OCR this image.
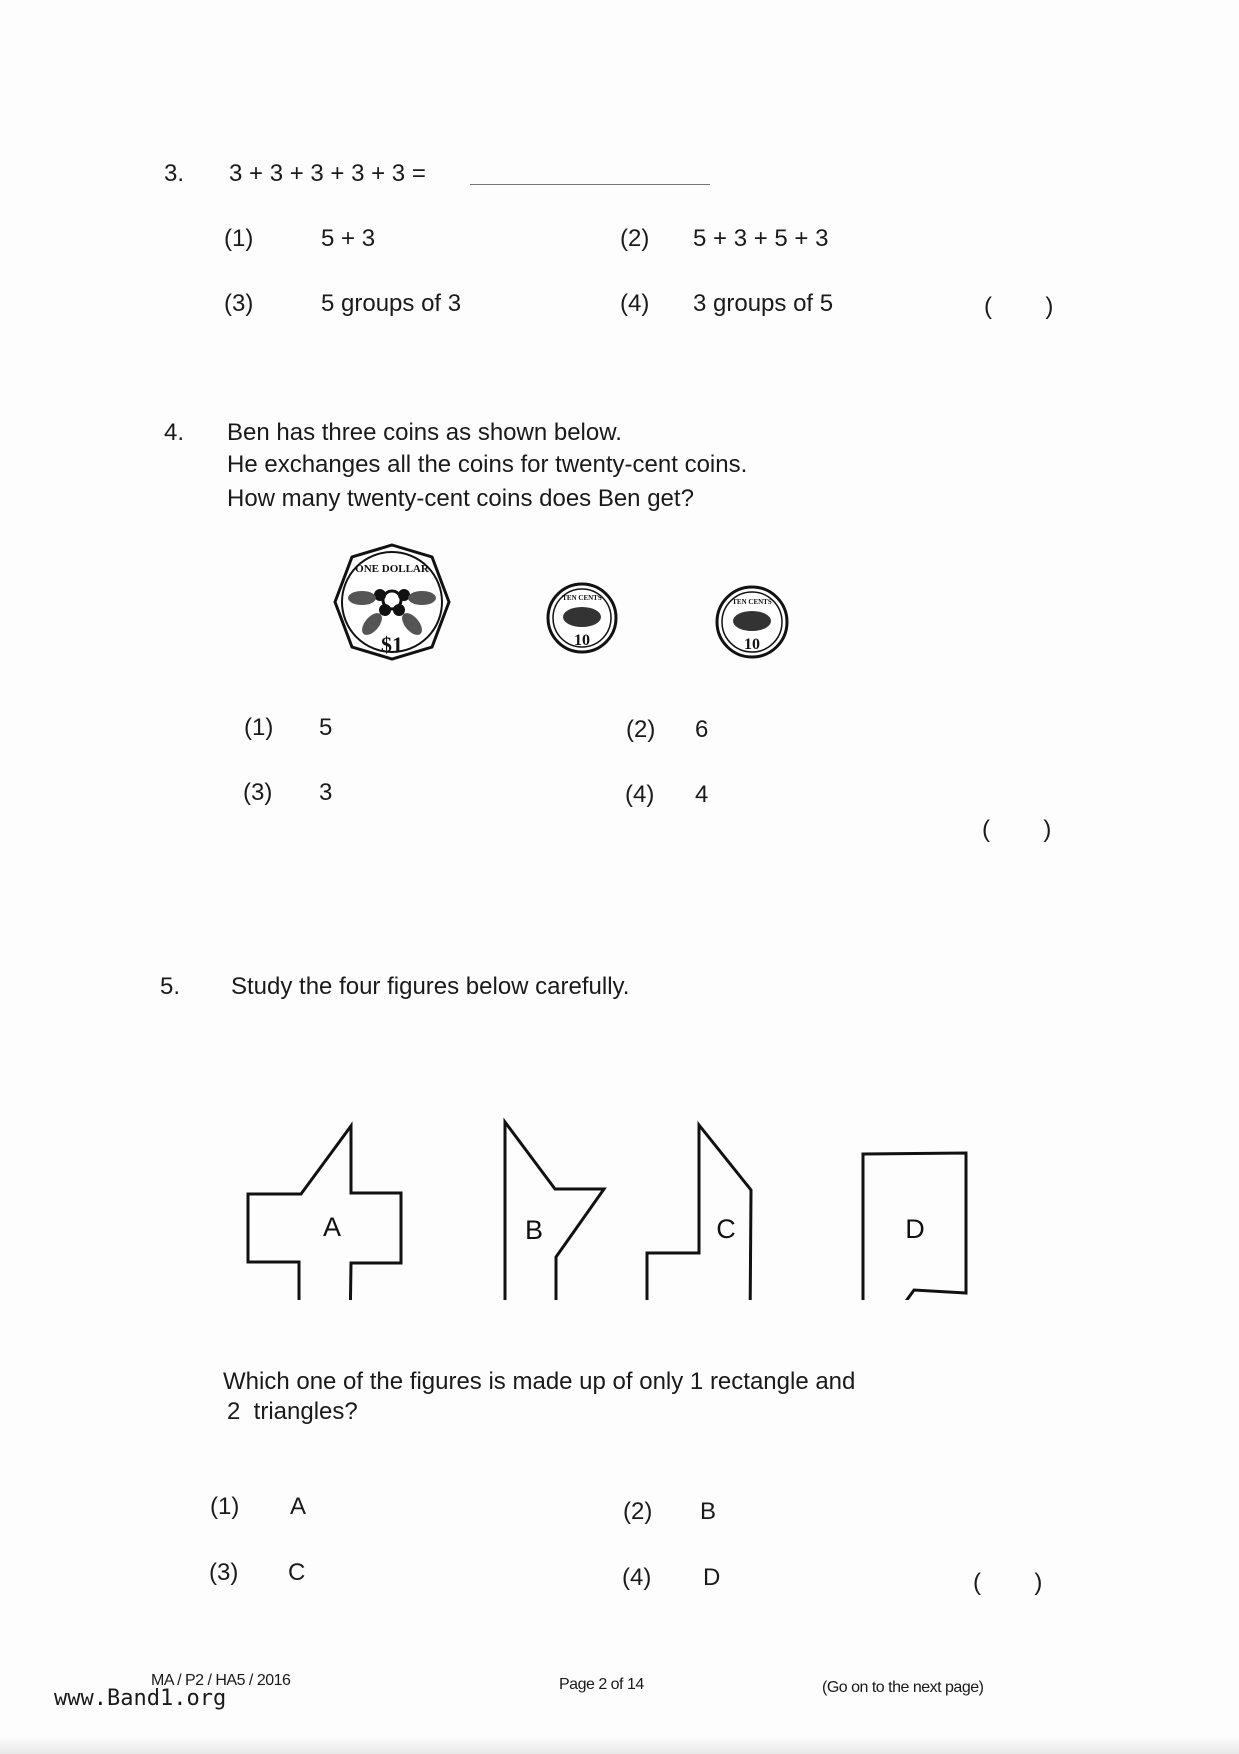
3. 3 + 3 + 3 + 3 + 3 =
(1)	5 + 3	(2) 5 + 3 + 5 + 3
(3)	5 groups of 3	(4) 3 groups of 5	(        )
4. Ben has three coins as shown below.
He exchanges all the coins for twenty-cent coins.
How many twenty-cent coins does Ben get?
ONE DOLLAR
$1
TEN CENTS
10
TEN CENTS
10
(1) 5	(2) 6
(3) 3	(4) 4
(        )
5. Study the four figures below carefully.
A	B	C	D
Which one of the figures is made up of only 1 rectangle and
2  triangles?
(1) A	(2) B
(3) C	(4) D	(        )
MA / P2 / HA5 / 2016
www.Band1.org
Page 2 of 14	(Go on to the next page)
